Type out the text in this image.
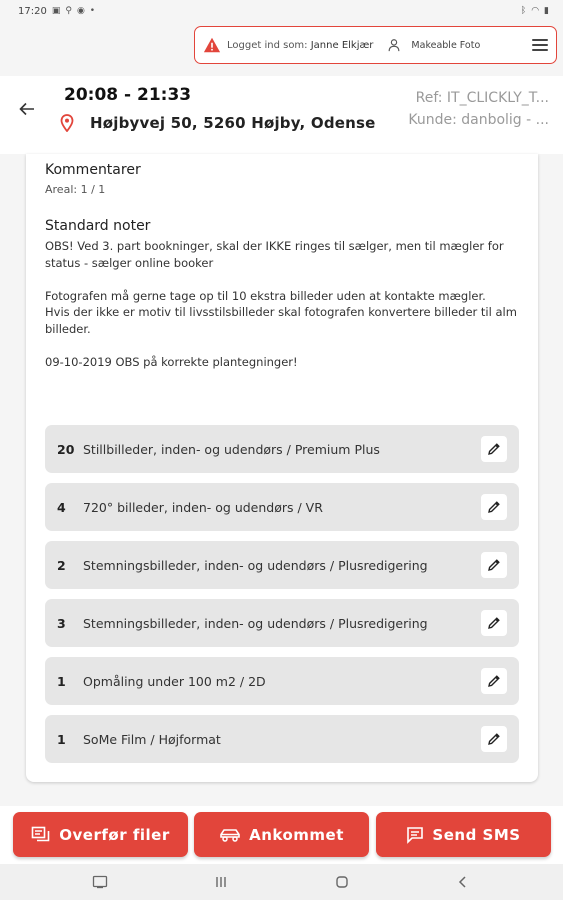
17:20 ▣ ⚲ ◉ •	ᛒ ◠ ▮
Logget ind som: Janne Elkjær	Makeable Foto
20:08 - 21:33
Højbyvej 50, 5260 Højby, Odense
Ref: IT_CLICKLY_T...
Kunde: danbolig - ...
Kommentarer
Areal: 1 / 1
Standard noter
OBS! Ved 3. part bookninger, skal der IKKE ringes til sælger, men til mægler for status - sælger online booker

Fotografen må gerne tage op til 10 ekstra billeder uden at kontakte mægler.
Hvis der ikke er motiv til livsstilsbilleder skal fotografen konvertere billeder til alm billeder.

09-10-2019 OBS på korrekte plantegninger!
20 Stillbilleder, inden- og udendørs / Premium Plus
4	720° billeder, inden- og udendørs / VR
2	Stemningsbilleder, inden- og udendørs / Plusredigering
3	Stemningsbilleder, inden- og udendørs / Plusredigering
1	Opmåling under 100 m2 / 2D
1	SoMe Film / Højformat
Overfør filer	Ankommet	Send SMS
